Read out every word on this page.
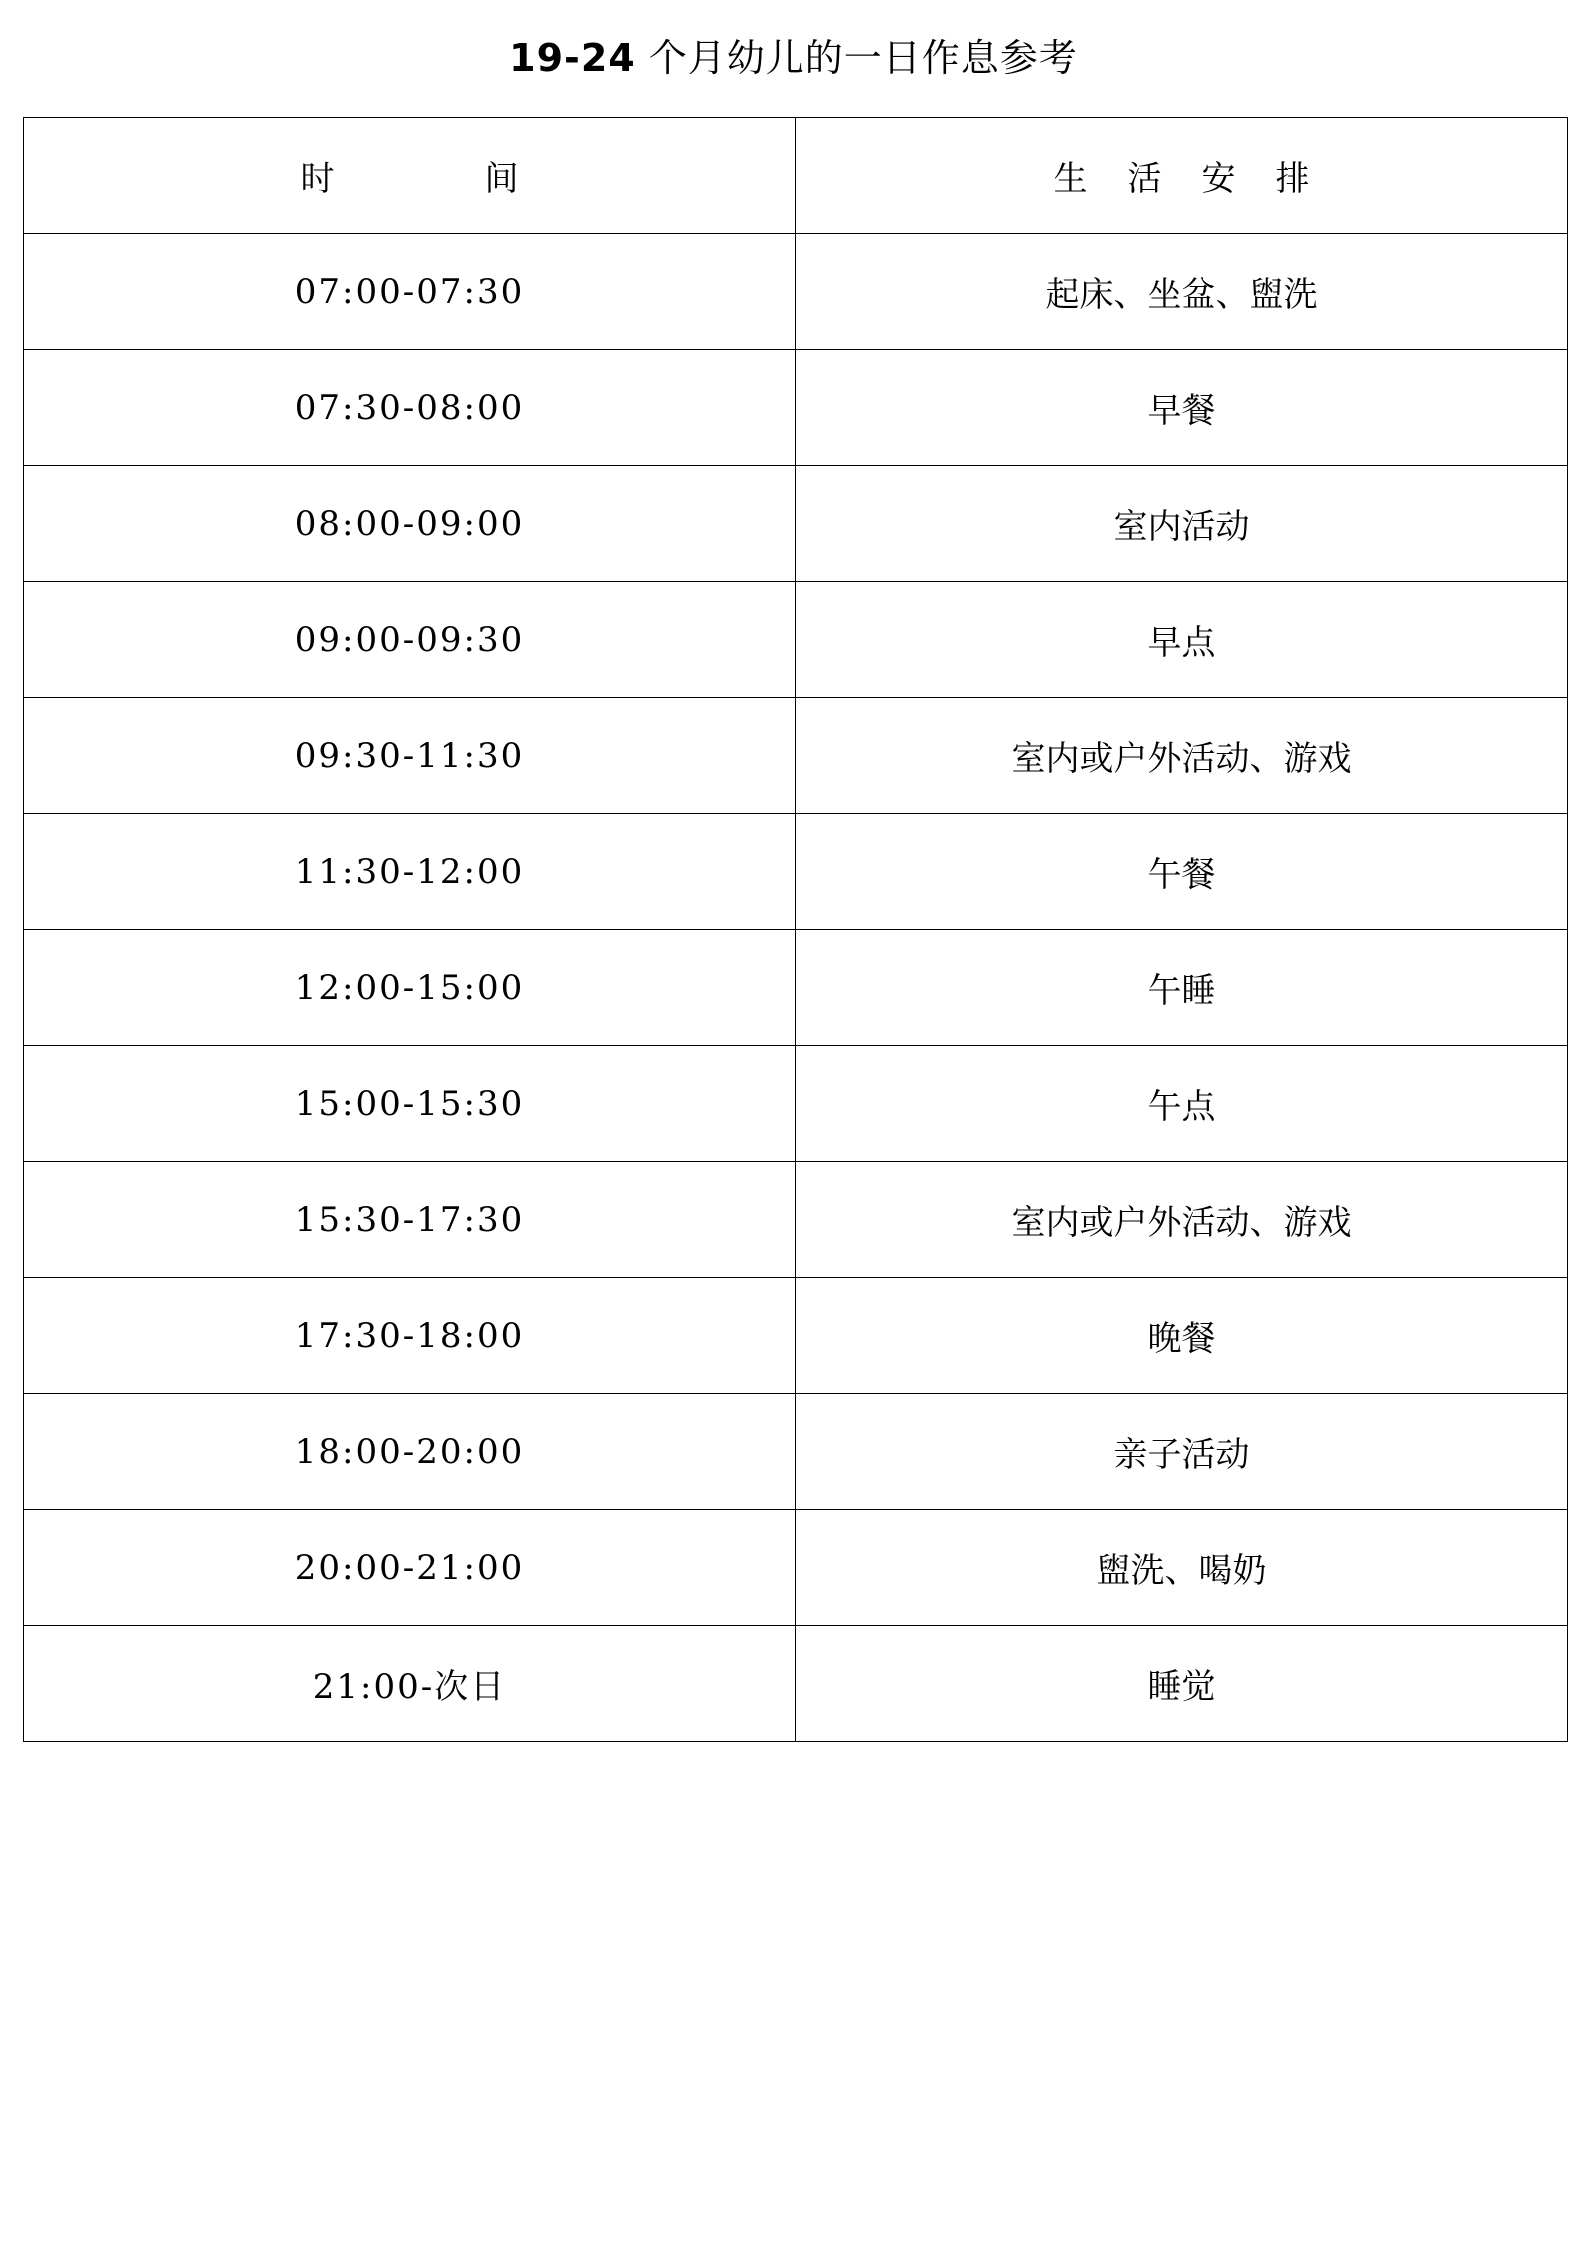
19-24 个月幼儿的一日作息参考
时间	生活安排
07:00-07:30	起床、坐盆、盥洗
07:30-08:00	早餐
08:00-09:00	室内活动
09:00-09:30	早点
09:30-11:30	室内或户外活动、游戏
11:30-12:00	午餐
12:00-15:00	午睡
15:00-15:30	午点
15:30-17:30	室内或户外活动、游戏
17:30-18:00	晚餐
18:00-20:00	亲子活动
20:00-21:00	盥洗、喝奶
21:00-次日	睡觉
